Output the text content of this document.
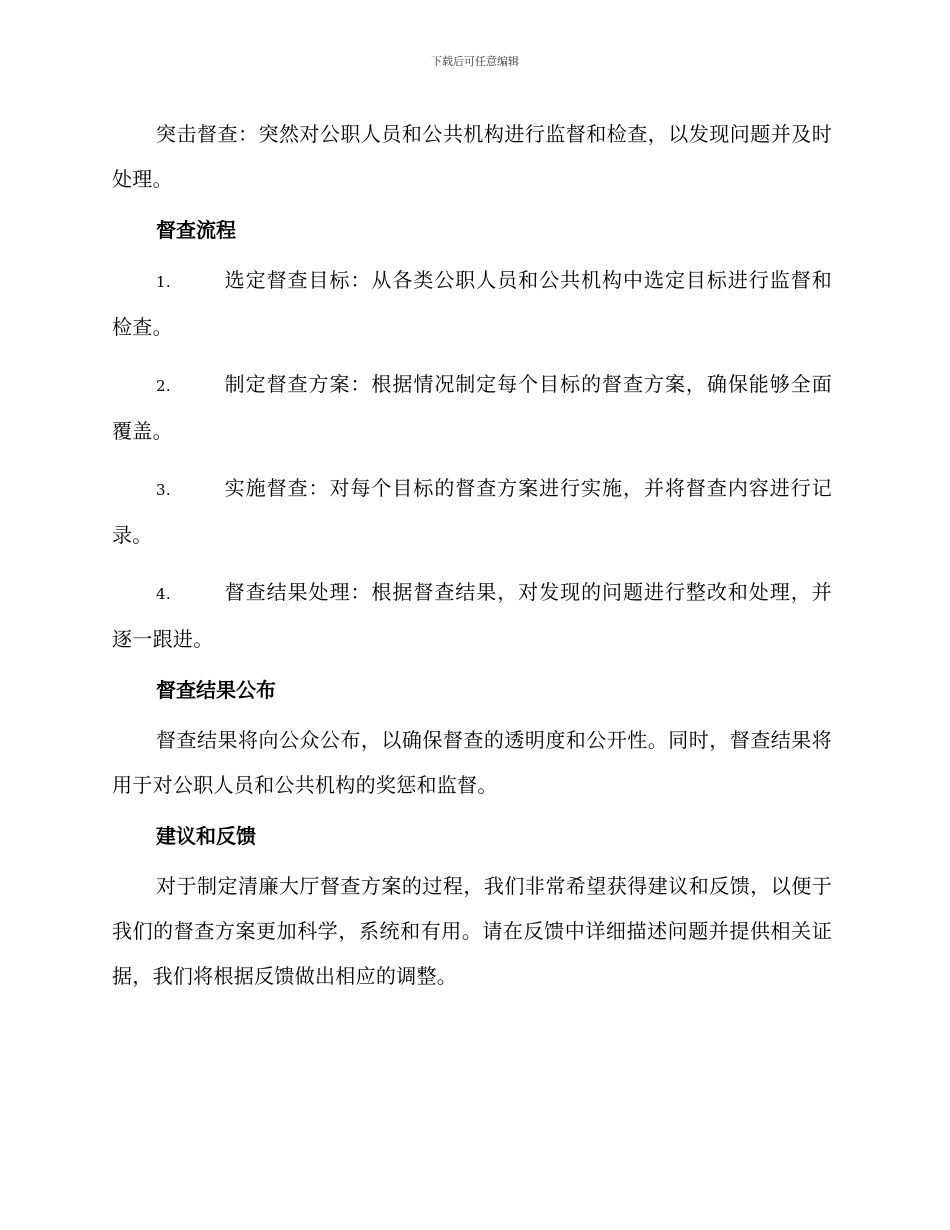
下载后可任意编辑

突击督查：突然对公职人员和公共机构进行监督和检查，以发现问题并及时处理。

督查流程

1.	选定督查目标：从各类公职人员和公共机构中选定目标进行监督和检查。

2.	制定督查方案：根据情况制定每个目标的督查方案，确保能够全面覆盖。

3.	实施督查：对每个目标的督查方案进行实施，并将督查内容进行记录。

4.	督查结果处理：根据督查结果，对发现的问题进行整改和处理，并逐一跟进。

督查结果公布

督查结果将向公众公布，以确保督查的透明度和公开性。同时，督查结果将用于对公职人员和公共机构的奖惩和监督。

建议和反馈

对于制定清廉大厅督查方案的过程，我们非常希望获得建议和反馈，以便于我们的督查方案更加科学，系统和有用。请在反馈中详细描述问题并提供相关证据，我们将根据反馈做出相应的调整。
